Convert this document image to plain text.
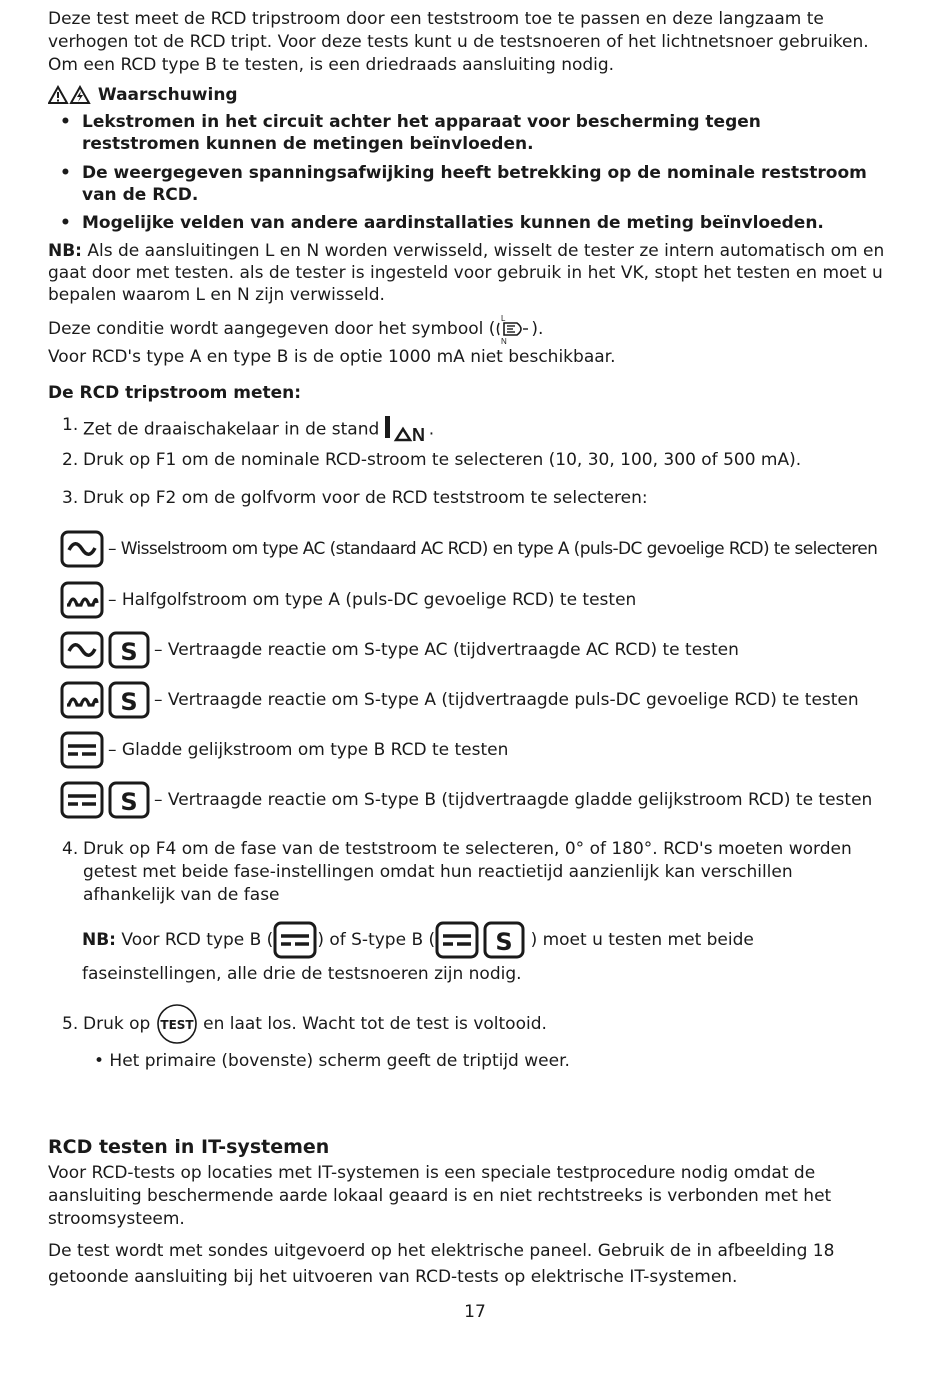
Deze test meet de RCD tripstroom door een teststroom toe te passen en deze langzaam te verhogen tot de RCD tript. Voor deze tests kunt u de testsnoeren of het lichtnetsnoer gebruiken. Om een RCD type B te testen, is een driedraads aansluiting nodig.

Waarschuwing
• Lekstromen in het circuit achter het apparaat voor bescherming tegen reststromen kunnen de metingen beïnvloeden.
• De weergegeven spanningsafwijking heeft betrekking op de nominale reststroom van de RCD.
• Mogelijke velden van andere aardinstallaties kunnen de meting beïnvloeden.

NB: Als de aansluitingen L en N worden verwisseld, wisselt de tester ze intern automatisch om en gaat door met testen. als de tester is ingesteld voor gebruik in het VK, stopt het testen en moet u bepalen waarom L en N zijn verwisseld.

Deze conditie wordt aangegeven door het symbool (
L
N
).

Voor RCD's type A en type B is de optie 1000 mA niet beschikbaar.

De RCD tripstroom meten:

1. Zet de draaischakelaar in de stand N .
2. Druk op F1 om de nominale RCD-stroom te selecteren (10, 30, 100, 300 of 500 mA).
3. Druk op F2 om de golfvorm voor de RCD teststroom te selecteren:
– Wisselstroom om type AC (standaard AC RCD) en type A (puls-DC gevoelige RCD) te selecteren
– Halfgolfstroom om type A (puls-DC gevoelige RCD) te testen
S – Vertraagde reactie om S-type AC (tijdvertraagde AC RCD) te testen
S – Vertraagde reactie om S-type A (tijdvertraagde puls-DC gevoelige RCD) te testen
– Gladde gelijkstroom om type B RCD te testen
S – Vertraagde reactie om S-type B (tijdvertraagde gladde gelijkstroom RCD) te testen
4. Druk op F4 om de fase van de teststroom te selecteren, 0° of 180°. RCD's moeten worden getest met beide fase-instellingen omdat hun reactietijd aanzienlijk kan verschillen afhankelijk van de fase
NB:
Voor RCD type B (	) of S-type B (	S
) moet u testen met beide

faseinstellingen, alle drie de testsnoeren zijn nodig.

5. Druk op
TEST
en laat los. Wacht tot de test is voltooid.

• Het primaire (bovenste) scherm geeft de triptijd weer.

RCD testen in IT-systemen

Voor RCD-tests op locaties met IT-systemen is een speciale testprocedure nodig omdat de aansluiting beschermende aarde lokaal geaard is en niet rechtstreeks is verbonden met het stroomsysteem.

De test wordt met sondes uitgevoerd op het elektrische paneel. Gebruik de in afbeelding 18 getoonde aansluiting bij het uitvoeren van RCD-tests op elektrische IT-systemen.

17
